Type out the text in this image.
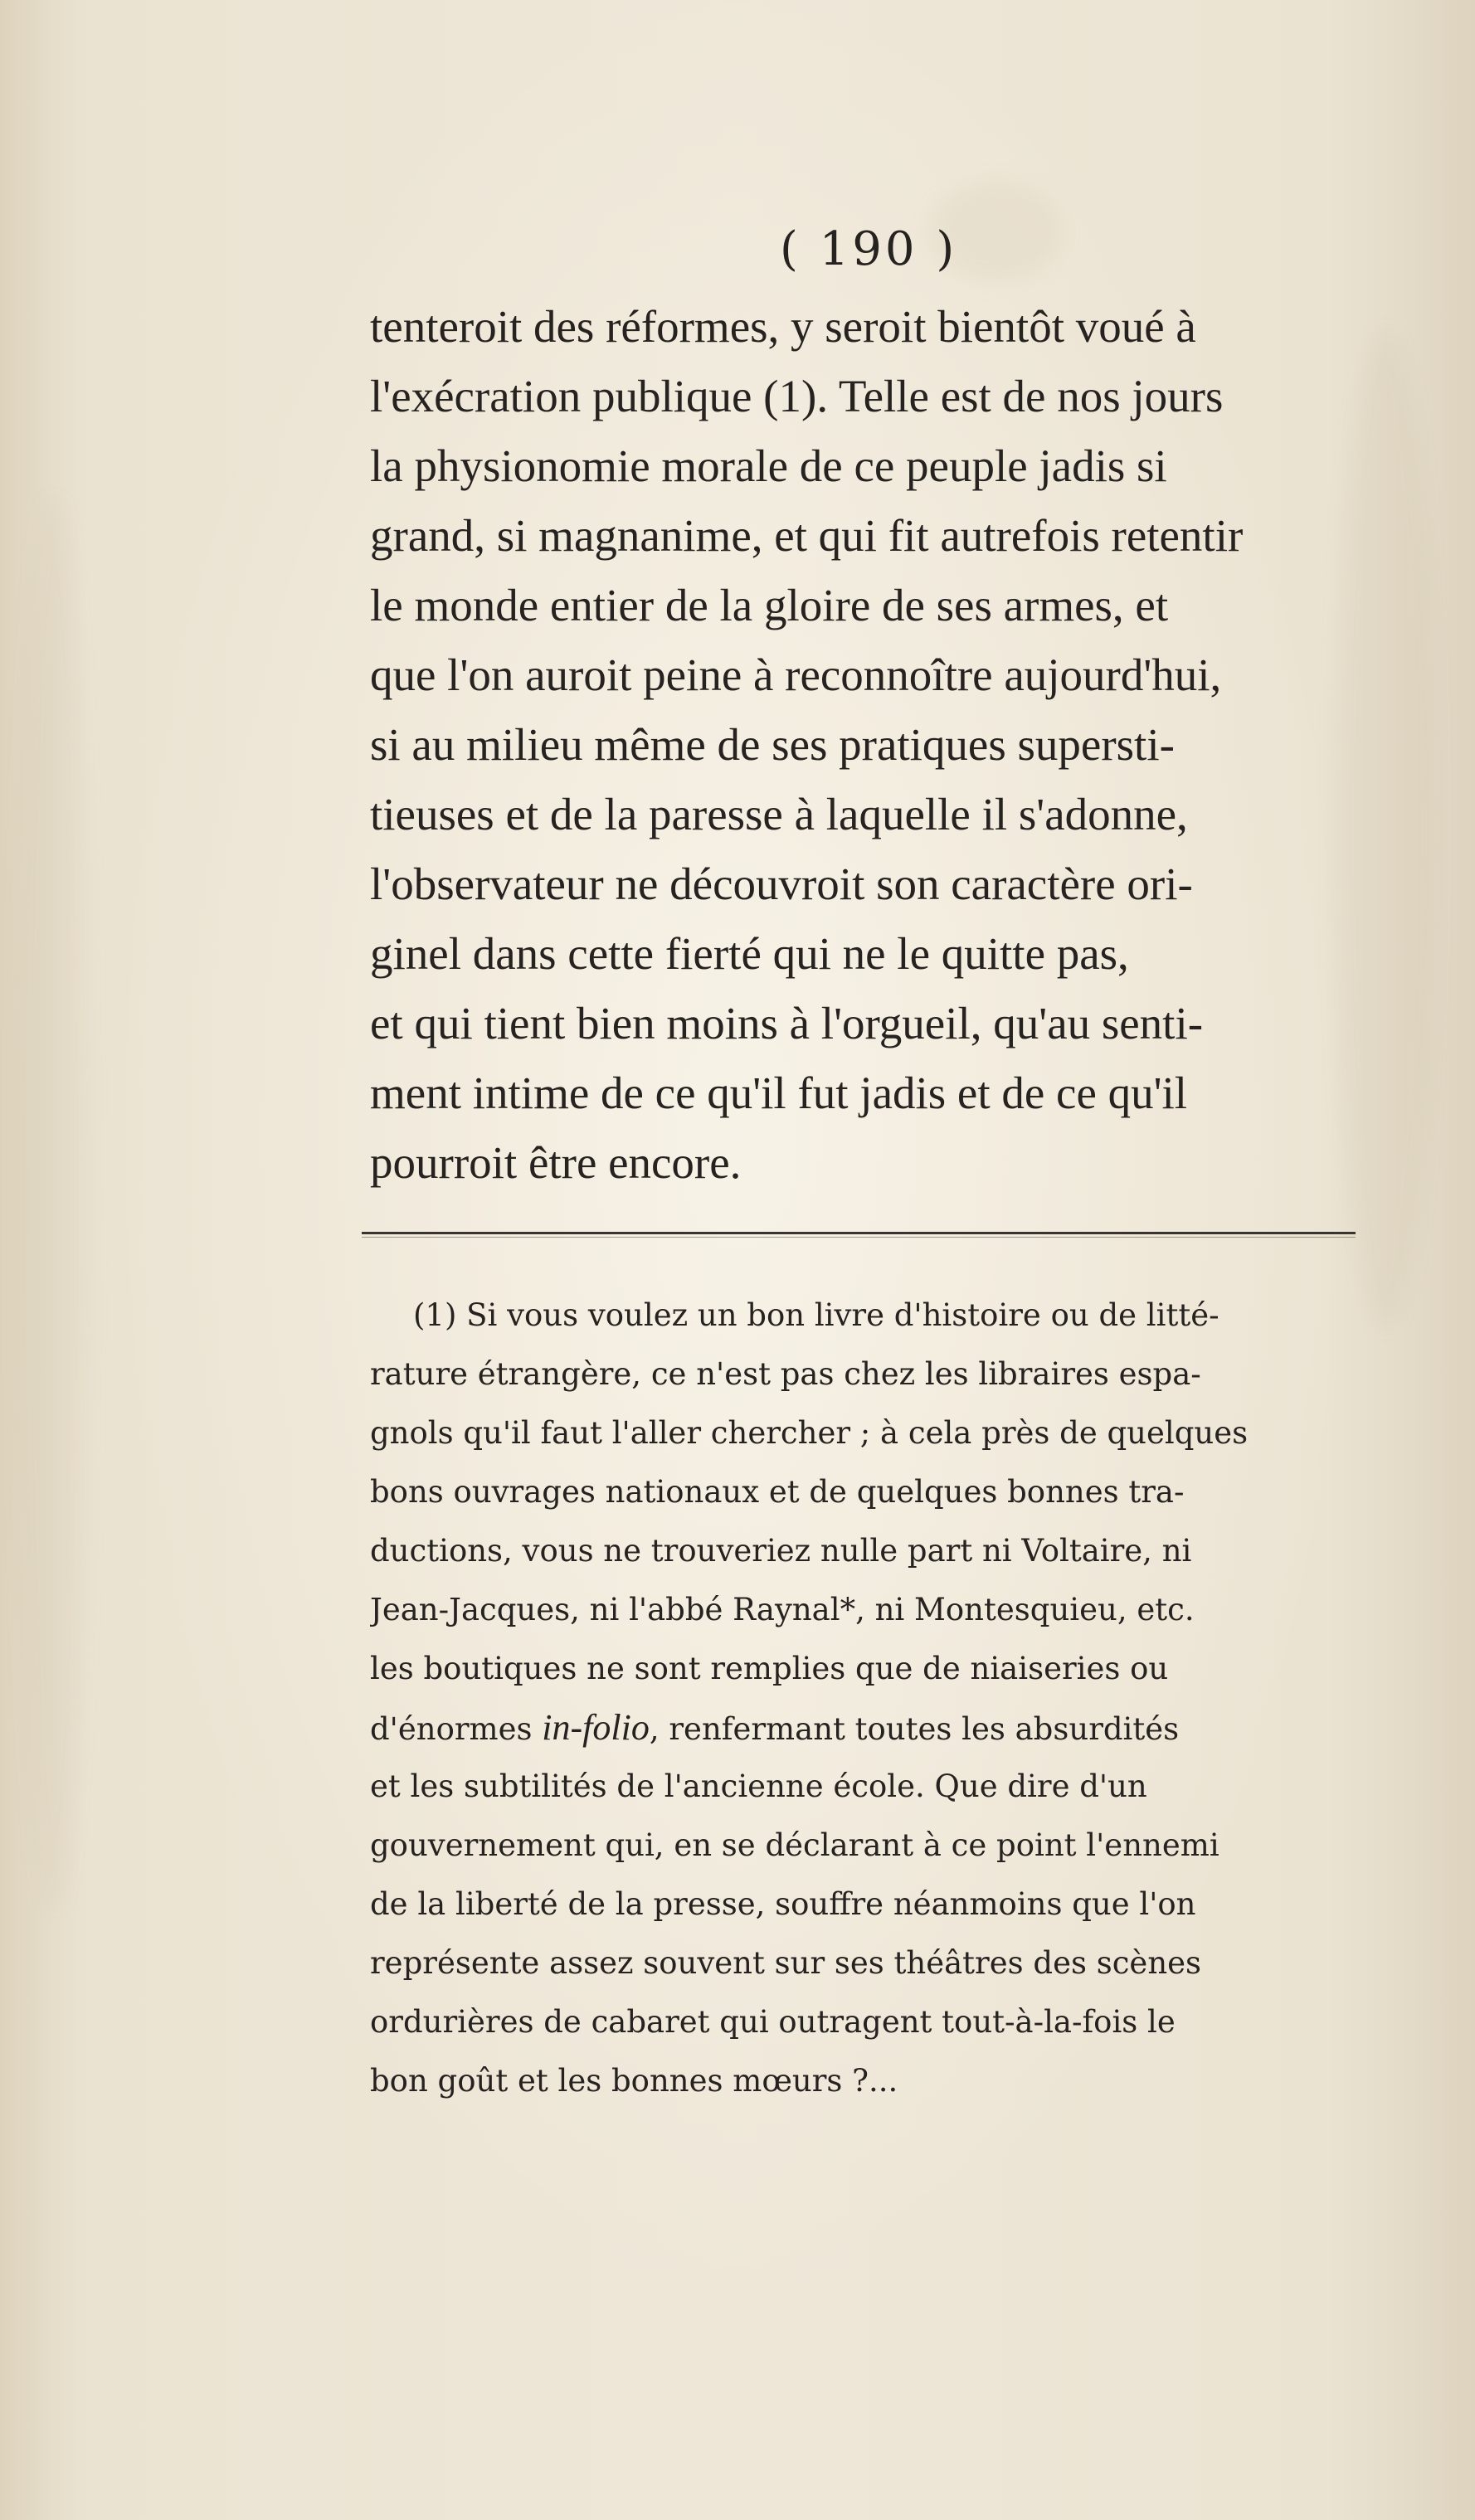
( 190 )
tenteroit des réformes, y seroit bientôt voué à
l'exécration publique (1). Telle est de nos jours
la physionomie morale de ce peuple jadis si
grand, si magnanime, et qui fit autrefois retentir
le monde entier de la gloire de ses armes, et
que l'on auroit peine à reconnoître aujourd'hui,
si au milieu même de ses pratiques supersti-
tieuses et de la paresse à laquelle il s'adonne,
l'observateur ne découvroit son caractère ori-
ginel dans cette fierté qui ne le quitte pas,
et qui tient bien moins à l'orgueil, qu'au senti-
ment intime de ce qu'il fut jadis et de ce qu'il
pourroit être encore.
(1) Si vous voulez un bon livre d'histoire ou de litté-
rature étrangère, ce n'est pas chez les libraires espa-
gnols qu'il faut l'aller chercher ; à cela près de quelques
bons ouvrages nationaux et de quelques bonnes tra-
ductions, vous ne trouveriez nulle part ni Voltaire, ni
Jean-Jacques, ni l'abbé Raynal*, ni Montesquieu, etc.
les boutiques ne sont remplies que de niaiseries ou
d'énormes in-folio, renfermant toutes les absurdités
et les subtilités de l'ancienne école. Que dire d'un
gouvernement qui, en se déclarant à ce point l'ennemi
de la liberté de la presse, souffre néanmoins que l'on
représente assez souvent sur ses théâtres des scènes
ordurières de cabaret qui outragent tout-à-la-fois le
bon goût et les bonnes mœurs ?...
